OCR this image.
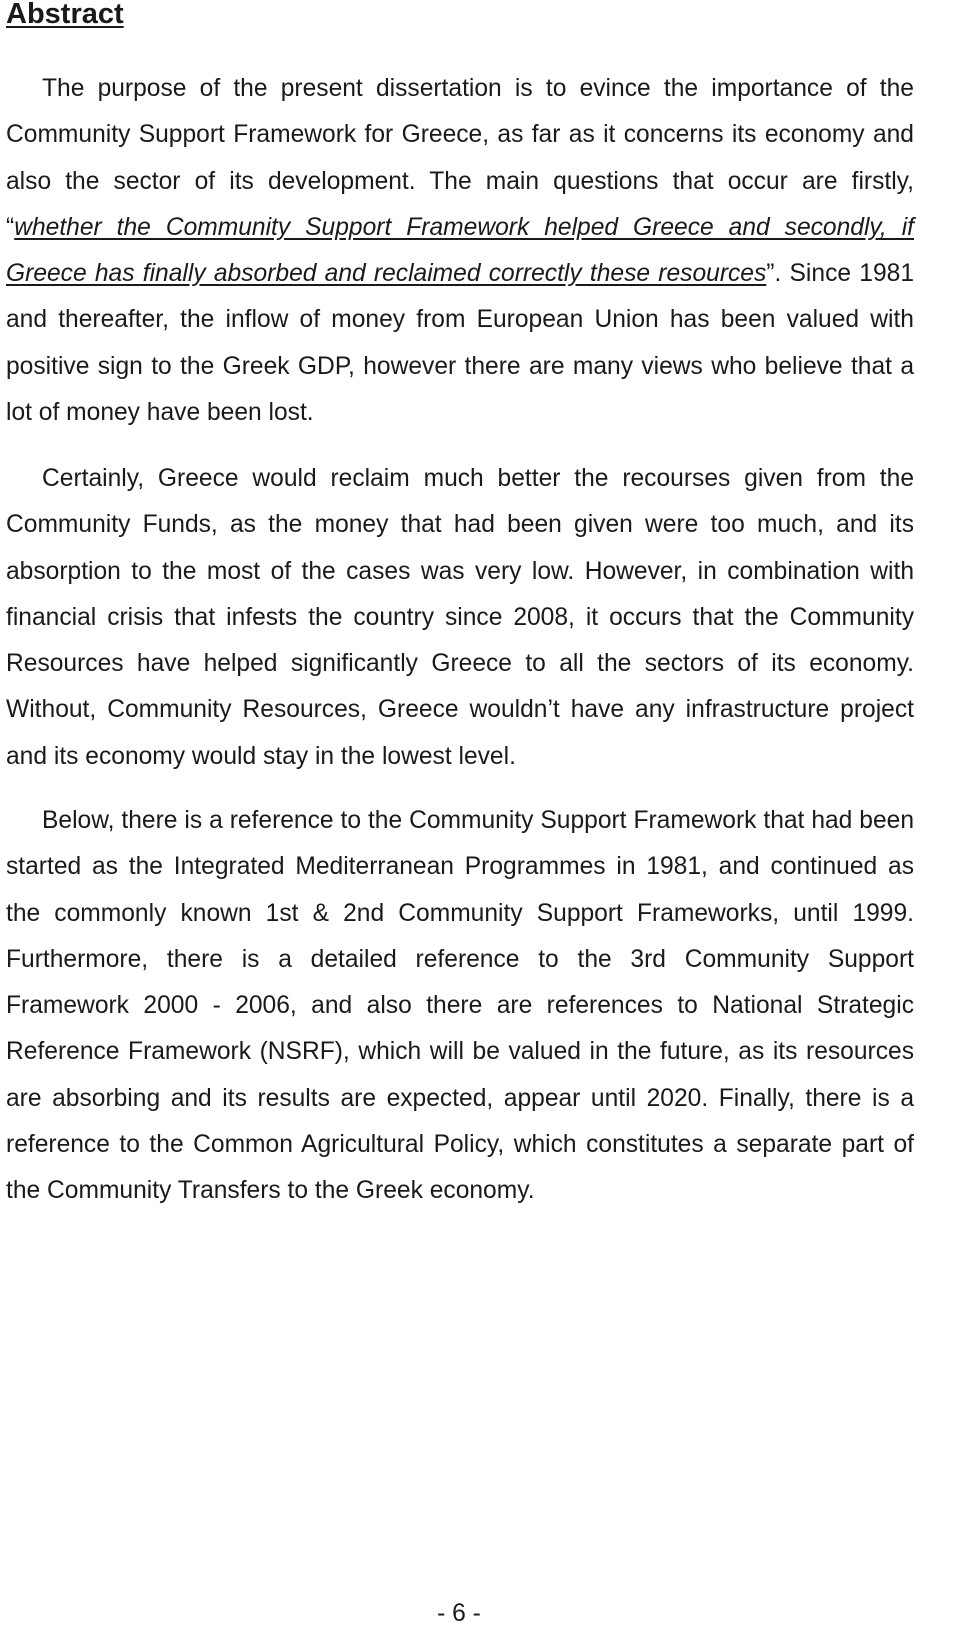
Abstract

The purpose of the present dissertation is to evince the importance of the Community Support Framework for Greece, as far as it concerns its economy and also the sector of its development. The main questions that occur are firstly, “whether the Community Support Framework helped Greece and secondly, if Greece has finally absorbed and reclaimed correctly these resources”. Since 1981 and thereafter, the inflow of money from European Union has been valued with positive sign to the Greek GDP, however there are many views who believe that a lot of money have been lost.

Certainly, Greece would reclaim much better the recourses given from the Community Funds, as the money that had been given were too much, and its absorption to the most of the cases was very low. However, in combination with financial crisis that infests the country since 2008, it occurs that the Community Resources have helped significantly Greece to all the sectors of its economy. Without, Community Resources, Greece wouldn’t have any infrastructure project and its economy would stay in the lowest level.

Below, there is a reference to the Community Support Framework that had been started as the Integrated Mediterranean Programmes in 1981, and continued as the commonly known 1st & 2nd Community Support Frameworks, until 1999. Furthermore, there is a detailed reference to the 3rd Community Support Framework 2000 - 2006, and also there are references to National Strategic Reference Framework (NSRF), which will be valued in the future, as its resources are absorbing and its results are expected, appear until 2020. Finally, there is a reference to the Common Agricultural Policy, which constitutes a separate part of the Community Transfers to the Greek economy.

- 6 -
